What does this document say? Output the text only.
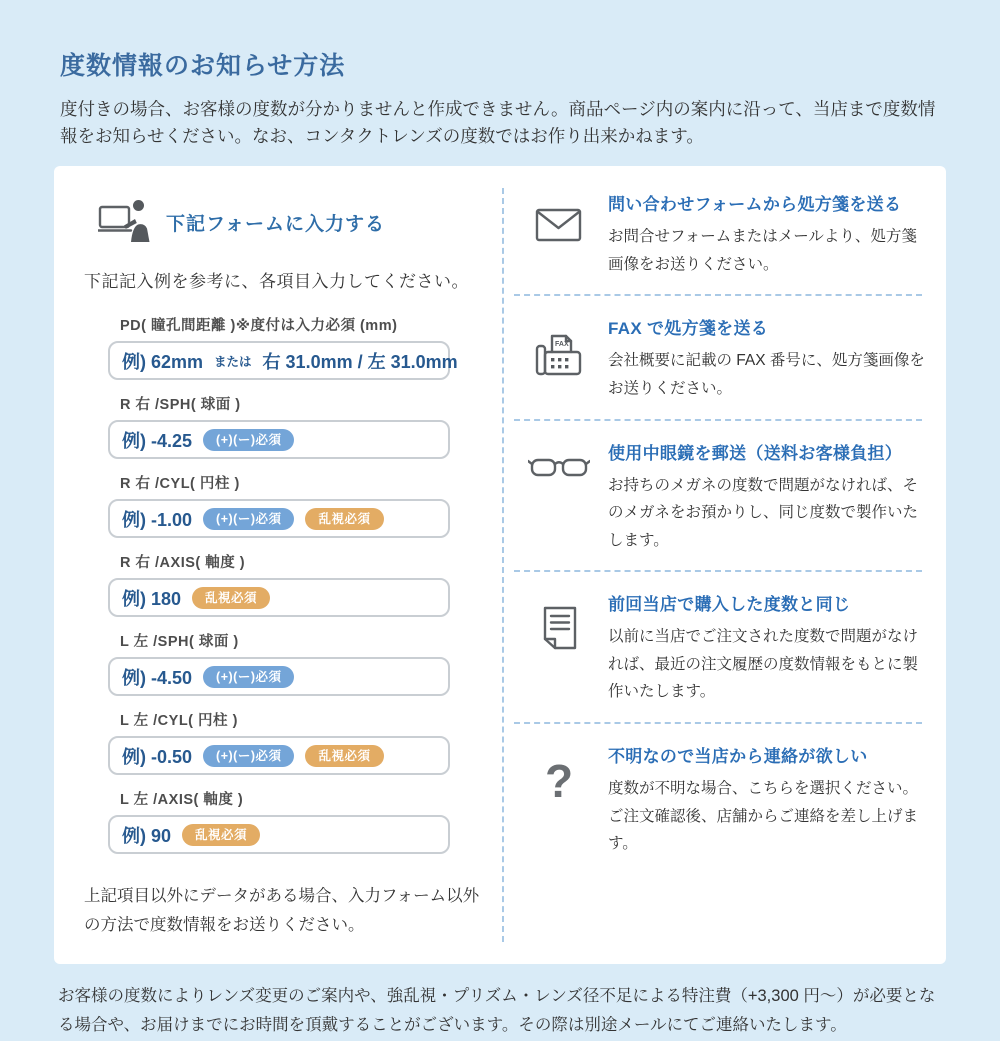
度数情報のお知らせ方法

度付きの場合、お客様の度数が分かりませんと作成できません。商品ページ内の案内に沿って、当店まで度数情報をお知らせください。なお、コンタクトレンズの度数ではお作り出来かねます。

下記フォームに入力する

下記記入例を参考に、各項目入力してください。

PD( 瞳孔間距離 )※度付は入力必須 (mm)
例) 62mm または 右 31.0mm / 左 31.0mm
R 右 /SPH( 球面 )
例) -4.25	(+)(ー)必須
R 右 /CYL( 円柱 )
例) -1.00	(+)(ー)必須	乱視必須
R 右 /AXIS( 軸度 )
例) 180	乱視必須
L 左 /SPH( 球面 )
例) -4.50	(+)(ー)必須
L 左 /CYL( 円柱 )
例) -0.50	(+)(ー)必須	乱視必須
L 左 /AXIS( 軸度 )
例) 90	乱視必須

上記項目以外にデータがある場合、入力フォーム以外の方法で度数情報をお送りください。

問い合わせフォームから処方箋を送る

お問合せフォームまたはメールより、処方箋画像をお送りください。

FAX

FAX で処方箋を送る

会社概要に記載の FAX 番号に、処方箋画像をお送りください。

使用中眼鏡を郵送（送料お客様負担）

お持ちのメガネの度数で問題がなければ、そのメガネをお預かりし、同じ度数で製作いたします。

前回当店で購入した度数と同じ

以前に当店でご注文された度数で問題がなければ、最近の注文履歴の度数情報をもとに製作いたします。

? 不明なので当店から連絡が欲しい

度数が不明な場合、こちらを選択ください。ご注文確認後、店舗からご連絡を差し上げます。

お客様の度数によりレンズ変更のご案内や、強乱視・プリズム・レンズ径不足による特注費（+3,300 円〜）が必要となる場合や、お届けまでにお時間を頂戴することがございます。その際は別途メールにてご連絡いたします。
